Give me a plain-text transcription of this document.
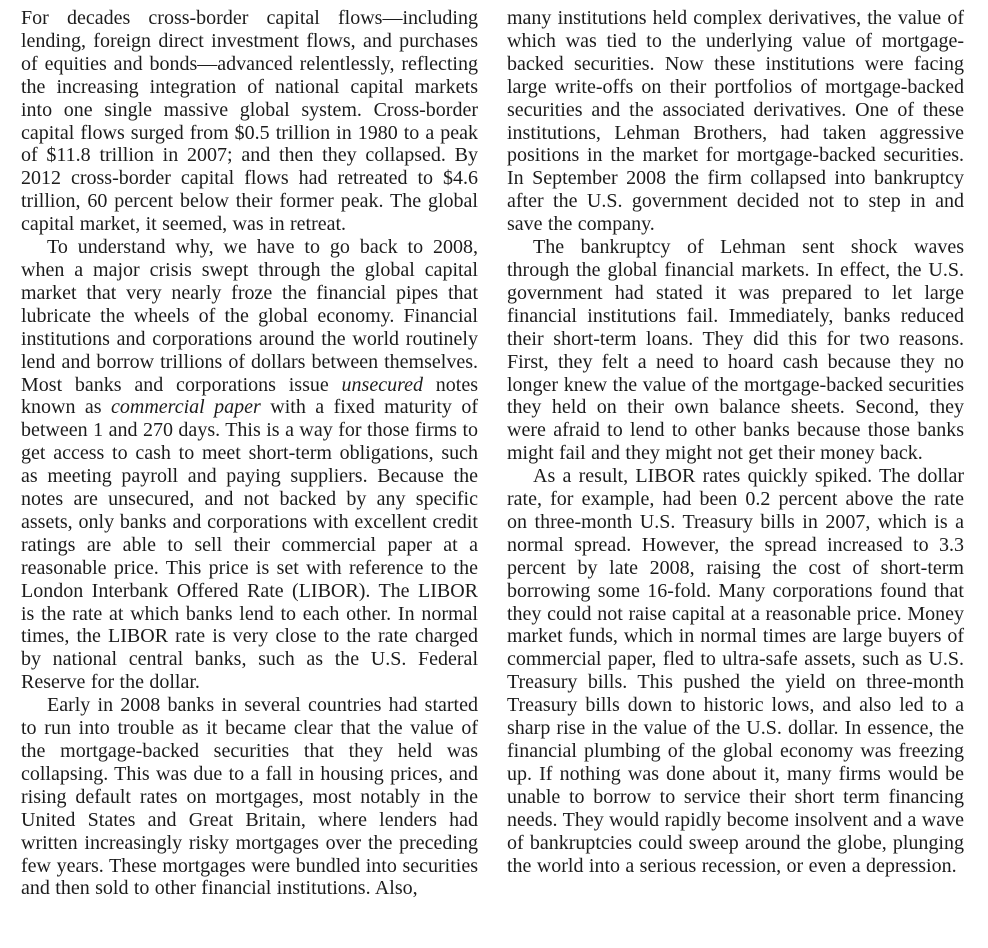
For decades cross-border capital flows—including lending, foreign direct investment flows, and purchases of equities and bonds—advanced relentlessly, reflecting the increasing integration of national capital markets into one single massive global system. Cross-border capital flows surged from $0.5 trillion in 1980 to a peak of $11.8 trillion in 2007; and then they collapsed. By 2012 cross-border capital flows had retreated to $4.6 trillion, 60 percent below their former peak. The global capital market, it seemed, was in retreat.

To understand why, we have to go back to 2008, when a major crisis swept through the global capital market that very nearly froze the financial pipes that lubricate the wheels of the global economy. Financial institutions and corporations around the world routinely lend and borrow trillions of dollars between themselves. Most banks and corporations issue unsecured notes known as commercial paper with a fixed maturity of between 1 and 270 days. This is a way for those firms to get access to cash to meet short-term obligations, such as meeting payroll and paying suppliers. Because the notes are unsecured, and not backed by any specific assets, only banks and corporations with excellent credit ratings are able to sell their commercial paper at a reasonable price. This price is set with reference to the London Interbank Offered Rate (LIBOR). The LIBOR is the rate at which banks lend to each other. In normal times, the LIBOR rate is very close to the rate charged by national central banks, such as the U.S. Federal Reserve for the dollar.

Early in 2008 banks in several countries had started to run into trouble as it became clear that the value of the mortgage-backed securities that they held was collapsing. This was due to a fall in housing prices, and rising default rates on mortgages, most notably in the United States and Great Britain, where lenders had written increasingly risky mortgages over the preceding few years. These mortgages were bundled into securities and then sold to other financial institutions. Also,

many institutions held complex derivatives, the value of which was tied to the underlying value of mortgage-backed securities. Now these institutions were facing large write-offs on their portfolios of mortgage-backed securities and the associated derivatives. One of these institutions, Lehman Brothers, had taken aggressive positions in the market for mortgage-backed securities. In September 2008 the firm collapsed into bankruptcy after the U.S. government decided not to step in and save the company.

The bankruptcy of Lehman sent shock waves through the global financial markets. In effect, the U.S. government had stated it was prepared to let large financial institutions fail. Immediately, banks reduced their short-term loans. They did this for two reasons. First, they felt a need to hoard cash because they no longer knew the value of the mortgage-backed securities they held on their own balance sheets. Second, they were afraid to lend to other banks because those banks might fail and they might not get their money back.

As a result, LIBOR rates quickly spiked. The dollar rate, for example, had been 0.2 percent above the rate on three-month U.S. Treasury bills in 2007, which is a normal spread. However, the spread increased to 3.3 percent by late 2008, raising the cost of short-term borrowing some 16-fold. Many corporations found that they could not raise capital at a reasonable price. Money market funds, which in normal times are large buyers of commercial paper, fled to ultra-safe assets, such as U.S. Treasury bills. This pushed the yield on three-month Treasury bills down to historic lows, and also led to a sharp rise in the value of the U.S. dollar. In essence, the financial plumbing of the global economy was freezing up. If nothing was done about it, many firms would be unable to borrow to service their short term financing needs. They would rapidly become insolvent and a wave of bankruptcies could sweep around the globe, plunging the world into a serious recession, or even a depression.
